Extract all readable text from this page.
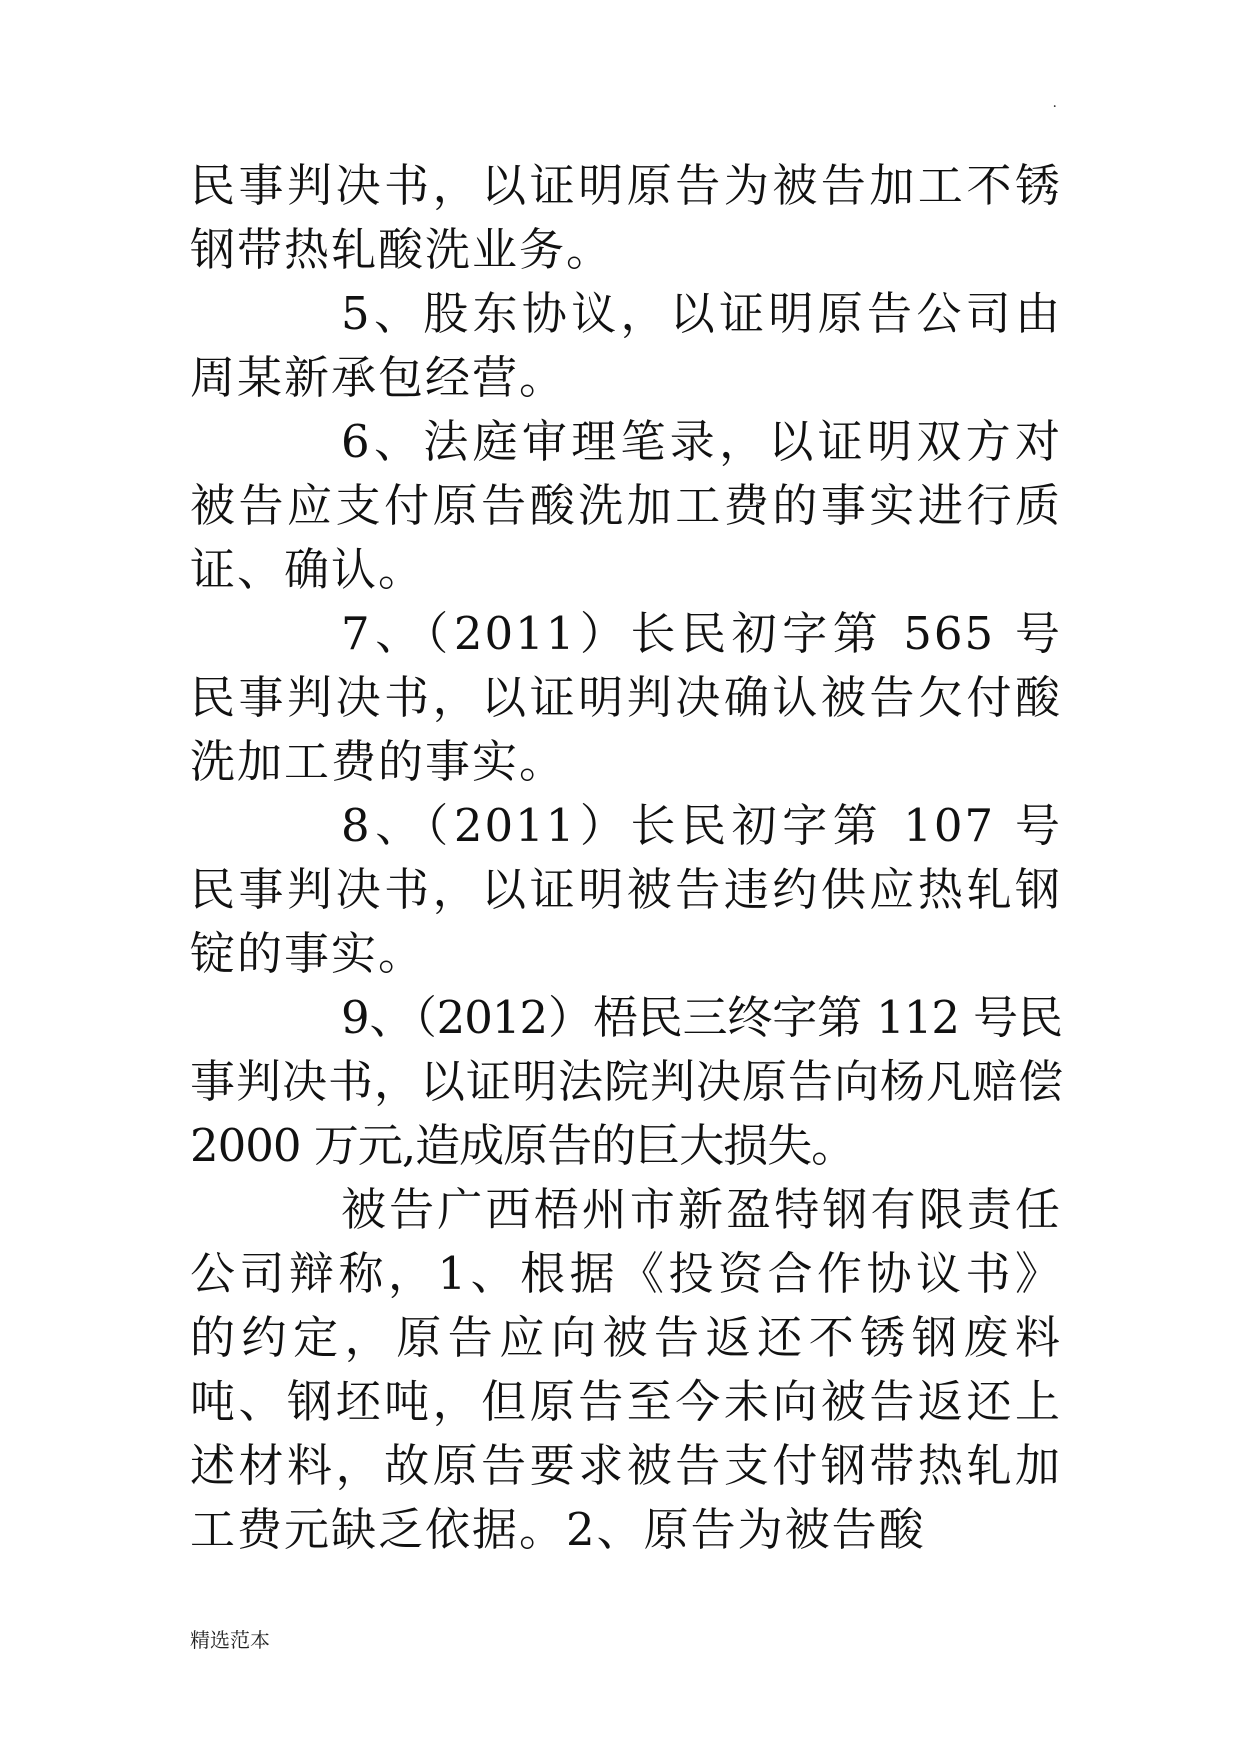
.

民事判决书，以证明原告为被告加工不锈钢带热轧酸洗业务。

5、股东协议，以证明原告公司由周某新承包经营。

6、法庭审理笔录，以证明双方对被告应支付原告酸洗加工费的事实进行质证、确认。

7、（2011）长民初字第 565 号民事判决书，以证明判决确认被告欠付酸洗加工费的事实。

8、（2011）长民初字第 107 号民事判决书，以证明被告违约供应热轧钢锭的事实。

9、（2012）梧民三终字第 112 号民事判决书，以证明法院判决原告向杨凡赔偿 2000 万元,造成原告的巨大损失。

被告广西梧州市新盈特钢有限责任公司辩称，1、根据《投资合作协议书》的约定，原告应向被告返还不锈钢废料吨、钢坯吨，但原告至今未向被告返还上述材料，故原告要求被告支付钢带热轧加工费元缺乏依据。2、原告为被告酸

精选范本
